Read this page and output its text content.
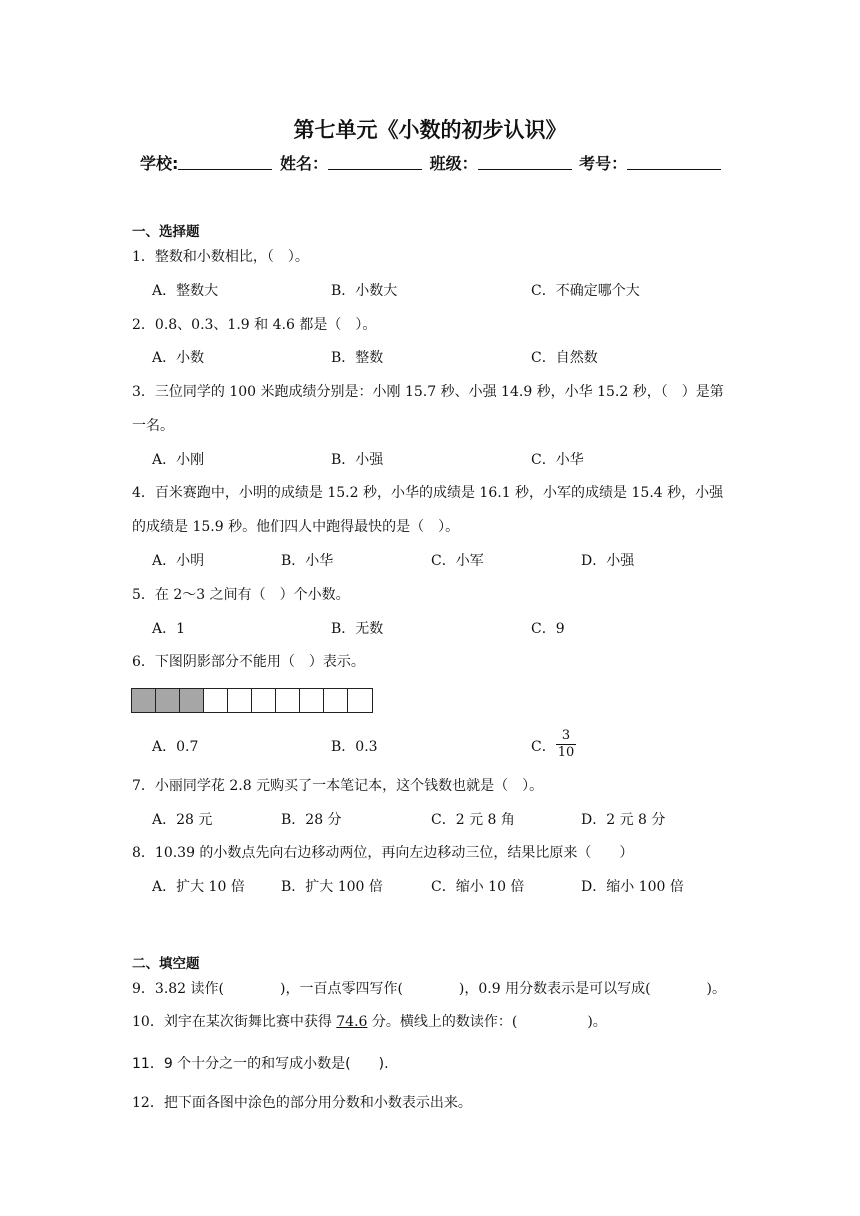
第七单元《小数的初步认识》
学校:	姓名：	班级：	考号：
一、选择题
1．整数和小数相比，（　）。
A．整数大	B．小数大	C．不确定哪个大
2．0.8、0.3、1.9 和 4.6 都是（　）。
A．小数	B．整数	C．自然数
3．三位同学的 100 米跑成绩分别是：小刚 15.7 秒、小强 14.9 秒，小华 15.2 秒，（　）是第一名。
A．小刚	B．小强	C．小华
4．百米赛跑中，小明的成绩是 15.2 秒，小华的成绩是 16.1 秒，小军的成绩是 15.4 秒，小强的成绩是 15.9 秒。他们四人中跑得最快的是（　）。
A．小明	B．小华	C．小军	D．小强
5．在 2～3 之间有（　）个小数。
A．1	B．无数	C．9
6．下图阴影部分不能用（　）表示。
A．0.7	B．0.3	C． $\frac{3}{10}$
7．小丽同学花 2.8 元购买了一本笔记本，这个钱数也就是（　）。
A．28 元	B．28 分	C．2 元 8 角	D．2 元 8 分
8．10.39 的小数点先向右边移动两位，再向左边移动三位，结果比原来（　　）
A．扩大 10 倍	B．扩大 100 倍	C．缩小 10 倍	D．缩小 100 倍
二、填空题
9．3.82 读作(　　　　)，一百点零四写作(　　　　)，0.9 用分数表示是可以写成(　　　　)。
10．刘宇在某次街舞比赛中获得 74.6 分。横线上的数读作：(　　　　　)。
11．9 个十分之一的和写成小数是(　　).
12．把下面各图中涂色的部分用分数和小数表示出来。
